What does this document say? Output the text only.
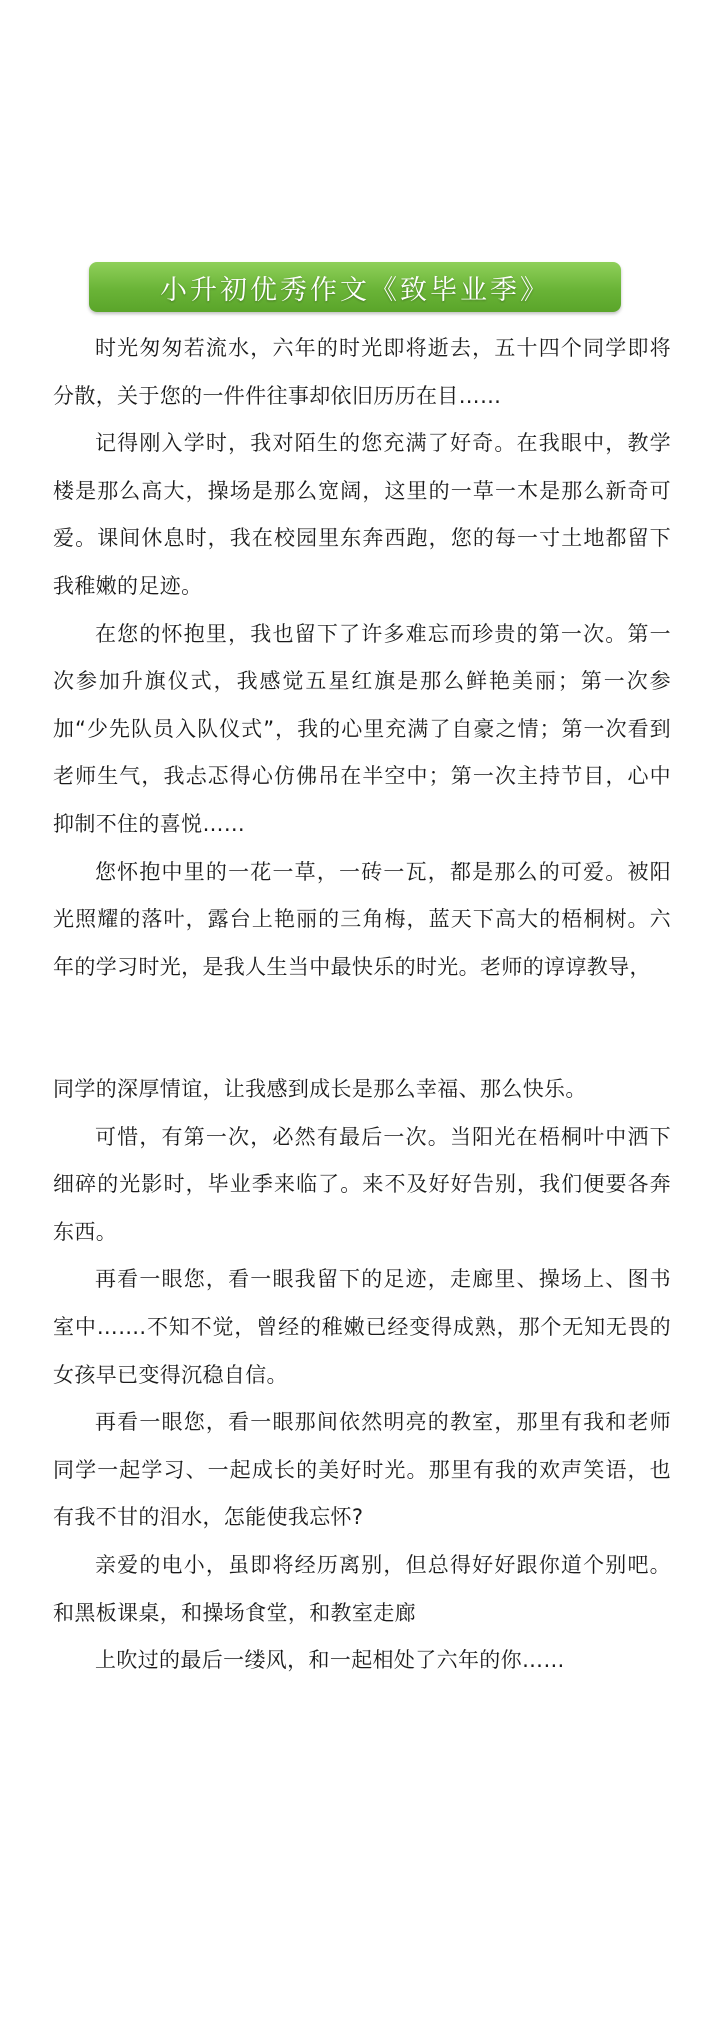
小升初优秀作文《致毕业季》

时光匆匆若流水，六年的时光即将逝去，五十四个同学即将分散，关于您的一件件往事却依旧历历在目……

记得刚入学时，我对陌生的您充满了好奇。在我眼中，教学楼是那么高大，操场是那么宽阔，这里的一草一木是那么新奇可爱。课间休息时，我在校园里东奔西跑，您的每一寸土地都留下我稚嫩的足迹。

在您的怀抱里，我也留下了许多难忘而珍贵的第一次。第一次参加升旗仪式，我感觉五星红旗是那么鲜艳美丽；第一次参加“少先队员入队仪式”，我的心里充满了自豪之情；第一次看到老师生气，我忐忑得心仿佛吊在半空中；第一次主持节目，心中抑制不住的喜悦……

您怀抱中里的一花一草，一砖一瓦，都是那么的可爱。被阳光照耀的落叶，露台上艳丽的三角梅，蓝天下高大的梧桐树。六年的学习时光，是我人生当中最快乐的时光。老师的谆谆教导，

同学的深厚情谊，让我感到成长是那么幸福、那么快乐。

可惜，有第一次，必然有最后一次。当阳光在梧桐叶中洒下细碎的光影时，毕业季来临了。来不及好好告别，我们便要各奔东西。

再看一眼您，看一眼我留下的足迹，走廊里、操场上、图书室中…….不知不觉，曾经的稚嫩已经变得成熟，那个无知无畏的女孩早已变得沉稳自信。

再看一眼您，看一眼那间依然明亮的教室，那里有我和老师同学一起学习、一起成长的美好时光。那里有我的欢声笑语，也有我不甘的泪水，怎能使我忘怀?

亲爱的电小，虽即将经历离别，但总得好好跟你道个别吧。和黑板课桌，和操场食堂，和教室走廊

上吹过的最后一缕风，和一起相处了六年的你……
